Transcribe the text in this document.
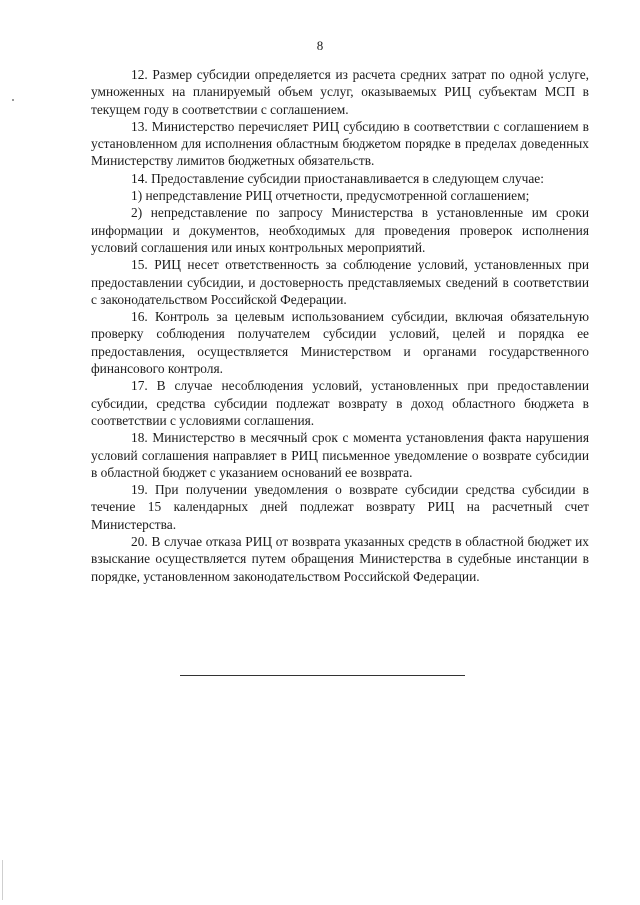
8

12. Размер субсидии определяется из расчета средних затрат по одной услуге, умноженных на планируемый объем услуг, оказываемых РИЦ субъектам МСП в текущем году в соответствии с соглашением.

13. Министерство перечисляет РИЦ субсидию в соответствии с соглашением в установленном для исполнения областным бюджетом порядке в пределах доведенных Министерству лимитов бюджетных обязательств.

14. Предоставление субсидии приостанавливается в следующем случае:

1) непредставление РИЦ отчетности, предусмотренной соглашением;

2) непредставление по запросу Министерства в установленные им сроки информации и документов, необходимых для проведения проверок исполнения условий соглашения или иных контрольных мероприятий.

15. РИЦ несет ответственность за соблюдение условий, установленных при предоставлении субсидии, и достоверность представляемых сведений в соответствии с законодательством Российской Федерации.

16. Контроль за целевым использованием субсидии, включая обязательную проверку соблюдения получателем субсидии условий, целей и порядка ее предоставления, осуществляется Министерством и органами государственного финансового контроля.

17. В случае несоблюдения условий, установленных при предоставлении субсидии, средства субсидии подлежат возврату в доход областного бюджета в соответствии с условиями соглашения.

18. Министерство в месячный срок с момента установления факта нарушения условий соглашения направляет в РИЦ письменное уведомление о возврате субсидии в областной бюджет с указанием оснований ее возврата.

19. При получении уведомления о возврате субсидии средства субсидии в течение 15 календарных дней подлежат возврату РИЦ на расчетный счет Министерства.

20. В случае отказа РИЦ от возврата указанных средств в областной бюджет их взыскание осуществляется путем обращения Министерства в судебные инстанции в порядке, установленном законодательством Российской Федерации.
